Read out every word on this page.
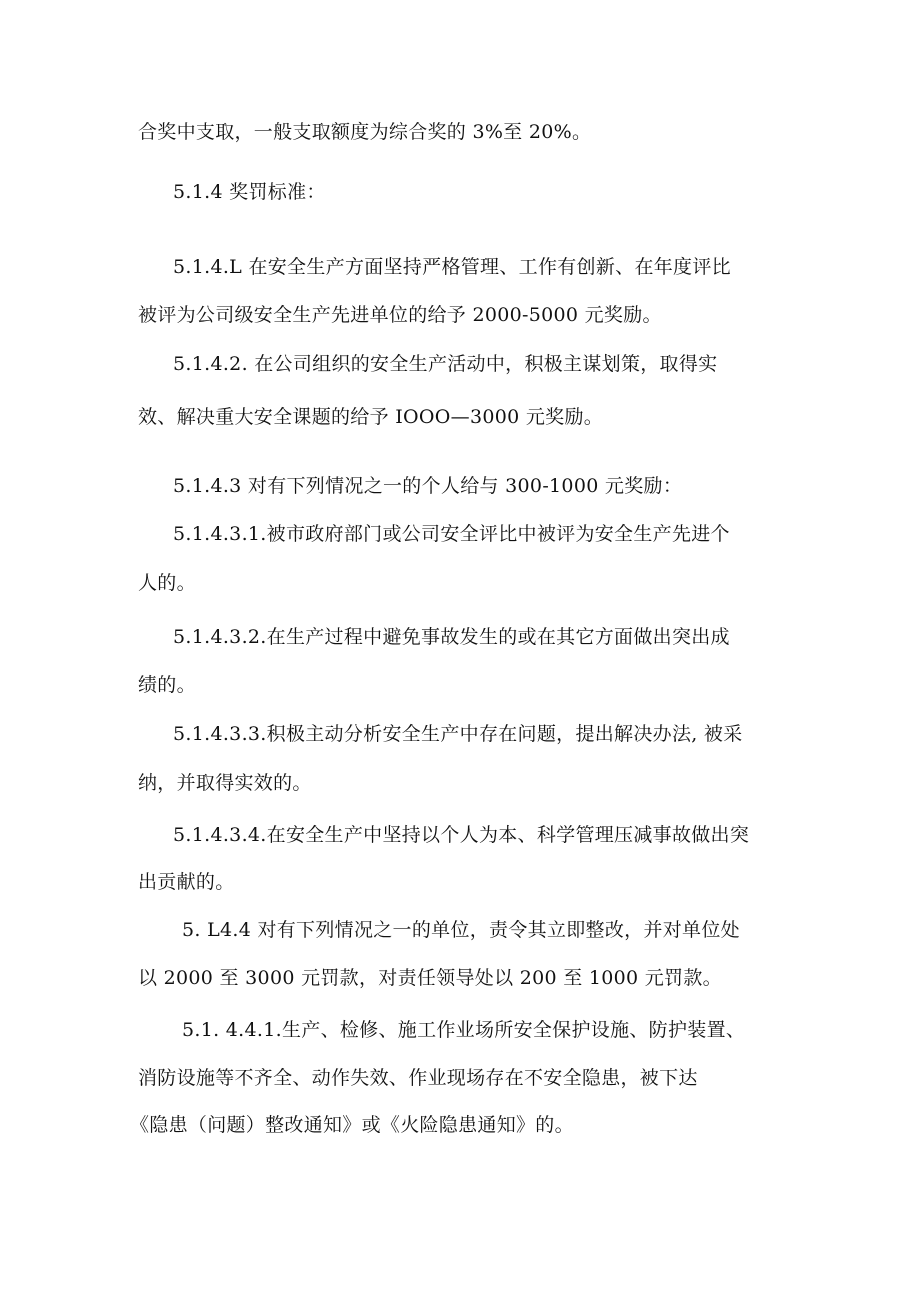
合奖中支取，一般支取额度为综合奖的 3%至 20%。
5.1.4 奖罚标准：
5.1.4.L 在安全生产方面坚持严格管理、工作有创新、在年度评比
被评为公司级安全生产先进单位的给予 2000-5000 元奖励。
5.1.4.2. 在公司组织的安全生产活动中，积极主谋划策，取得实
效、解决重大安全课题的给予 IOOO—3000 元奖励。
5.1.4.3 对有下列情况之一的个人给与 300-1000 元奖励：
5.1.4.3.1.被市政府部门或公司安全评比中被评为安全生产先进个
人的。
5.1.4.3.2.在生产过程中避免事故发生的或在其它方面做出突出成
绩的。
5.1.4.3.3.积极主动分析安全生产中存在问题，提出解决办法, 被采
纳，并取得实效的。
5.1.4.3.4.在安全生产中坚持以个人为本、科学管理压减事故做出突
出贡献的。
5. L4.4 对有下列情况之一的单位，责令其立即整改，并对单位处
以 2000 至 3000 元罚款，对责任领导处以 200 至 1000 元罚款。
5.1. 4.4.1.生产、检修、施工作业场所安全保护设施、防护装置、
消防设施等不齐全、动作失效、作业现场存在不安全隐患，被下达
《隐患（问题）整改通知》或《火险隐患通知》的。
